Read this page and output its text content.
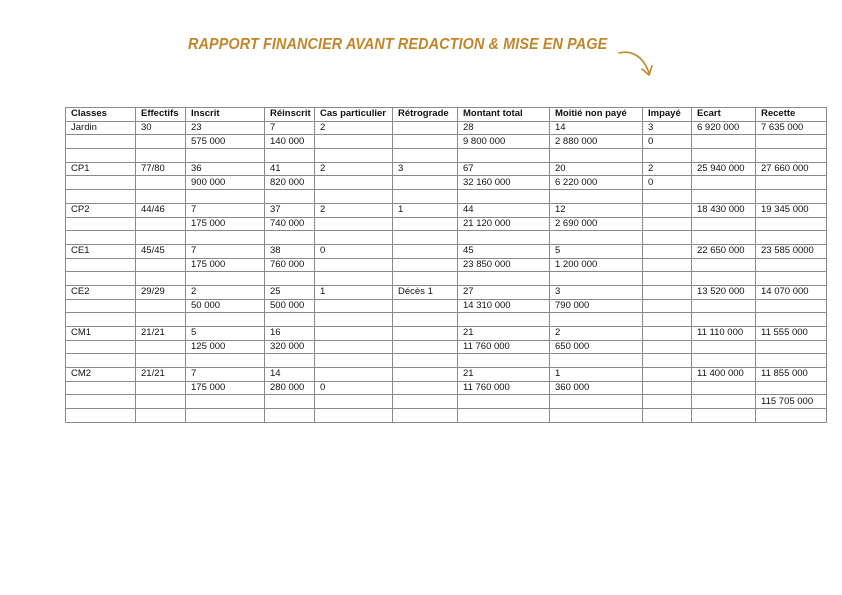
RAPPORT FINANCIER AVANT REDACTION & MISE EN PAGE
Classes	Effectifs	Inscrit	Réinscrit	Cas particulier	Rétrograde	Montant total	Moitié non payé	Impayé	Ecart	Recette
Jardin	30	23	7	2		28	14	3	6 920 000	7 635 000
		575 000	140 000			9 800 000	2 880 000	0		

CP1	77/80	36	41	2	3	67	20	2	25 940 000	27 660 000
		900 000	820 000			32 160 000	6 220 000	0		

CP2	44/46	7	37	2	1	44	12		18 430 000	19 345 000
		175 000	740 000			21 120 000	2 690 000			

CE1	45/45	7	38	0		45	5		22 650 000	23 585 0000
		175 000	760 000			23 850 000	1 200 000			

CE2	29/29	2	25	1	Décès 1	27	3		13 520 000	14 070 000
		50 000	500 000			14 310 000	790 000			

CM1	21/21	5	16			21	2		11 110 000	11 555 000
		125 000	320 000			11 760 000	650 000			

CM2	21/21	7	14			21	1		11 400 000	11 855 000
		175 000	280 000	0		11 760 000	360 000			
										115 705 000
